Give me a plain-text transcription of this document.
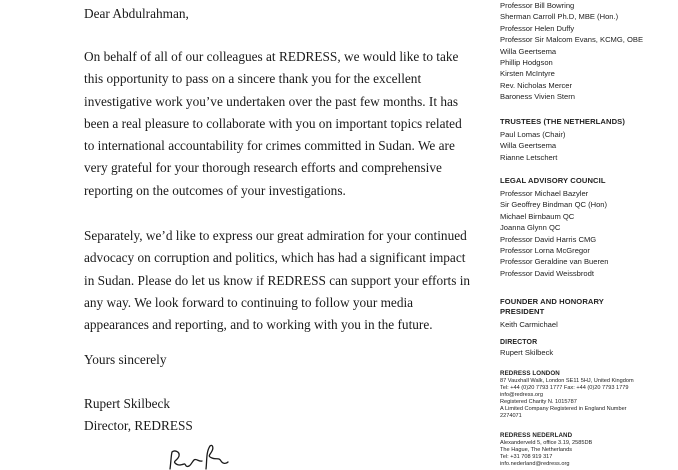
Dear Abdulrahman,

On behalf of all of our colleagues at REDRESS, we would like to take this opportunity to pass on a sincere thank you for the excellent investigative work you’ve undertaken over the past few months. It has been a real pleasure to collaborate with you on important topics related to international accountability for crimes committed in Sudan. We are very grateful for your thorough research efforts and comprehensive reporting on the outcomes of your investigations.

Separately, we’d like to express our great admiration for your continued advocacy on corruption and politics, which has had a significant impact in Sudan. Please do let us know if REDRESS can support your efforts in any way. We look forward to continuing to follow your media appearances and reporting, and to working with you in the future.

Yours sincerely
Rupert Skilbeck
Director, REDRESS
Professor Bill Bowring
Sherman Carroll Ph.D, MBE (Hon.)
Professor Helen Duffy
Professor Sir Malcom Evans, KCMG, OBE
Willa Geertsema
Phillip Hodgson
Kirsten McIntyre
Rev. Nicholas Mercer
Baroness Vivien Stern
TRUSTEES (THE NETHERLANDS)
Paul Lomas (Chair)
Willa Geertsema
Rianne Letschert
LEGAL ADVISORY COUNCIL
Professor Michael Bazyler
Sir Geoffrey Bindman QC (Hon)
Michael Birnbaum QC
Joanna Glynn QC
Professor David Harris CMG
Professor Lorna McGregor
Professor Geraldine van Bueren
Professor David Weissbrodt
FOUNDER AND HONORARY
PRESIDENT
Keith Carmichael
DIRECTOR
Rupert Skilbeck
REDRESS LONDON
87 Vauxhall Walk, London SE11 5HJ, United Kingdom
Tel: +44 (0)20 7793 1777 Fax: +44 (0)20 7793 1779
info@redress.org
Registered Charity N. 1015787
A Limited Company Registered in England Number
2274071
REDRESS NEDERLAND
Alexanderveld 5, office 3.19, 2585DB
The Hague, The Netherlands
Tel: +31 708 919 317
info.nederland@redress.org
